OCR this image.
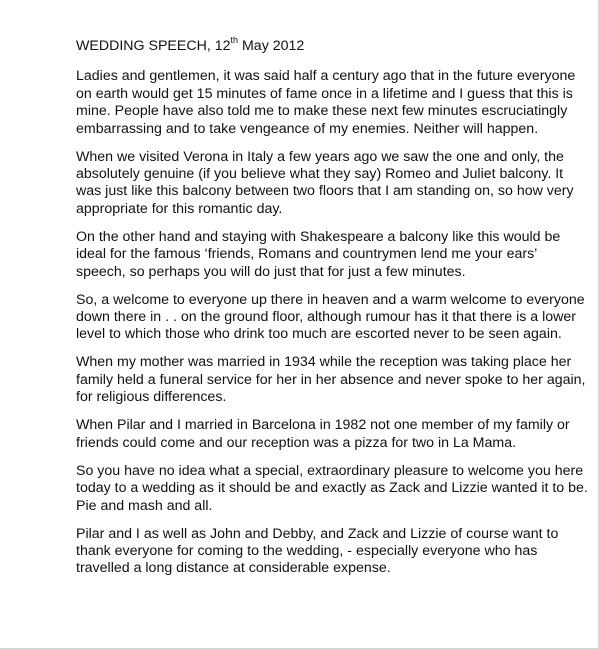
WEDDING SPEECH, 12th May 2012

Ladies and gentlemen, it was said half a century ago that in the future everyone on earth would get 15 minutes of fame once in a lifetime and I guess that this is mine. People have also told me to make these next few minutes escruciatingly embarrassing and to take vengeance of my enemies. Neither will happen.

When we visited Verona in Italy a few years ago we saw the one and only, the absolutely genuine (if you believe what they say) Romeo and Juliet balcony. It was just like this balcony between two floors that I am standing on, so how very appropriate for this romantic day.

On the other hand and staying with Shakespeare a balcony like this would be ideal for the famous ‘friends, Romans and countrymen lend me your ears’ speech, so perhaps you will do just that for just a few minutes.

So, a welcome to everyone up there in heaven and a warm welcome to everyone down there in . . on the ground floor, although rumour has it that there is a lower level to which those who drink too much are escorted never to be seen again.

When my mother was married in 1934 while the reception was taking place her family held a funeral service for her in her absence and never spoke to her again, for religious differences.

When Pilar and I married in Barcelona in 1982 not one member of my family or friends could come and our reception was a pizza for two in La Mama.

So you have no idea what a special, extraordinary pleasure to welcome you here today to a wedding as it should be and exactly as Zack and Lizzie wanted it to be. Pie and mash and all.

Pilar and I as well as John and Debby, and Zack and Lizzie of course want to thank everyone for coming to the wedding, - especially everyone who has travelled a long distance at considerable expense.
